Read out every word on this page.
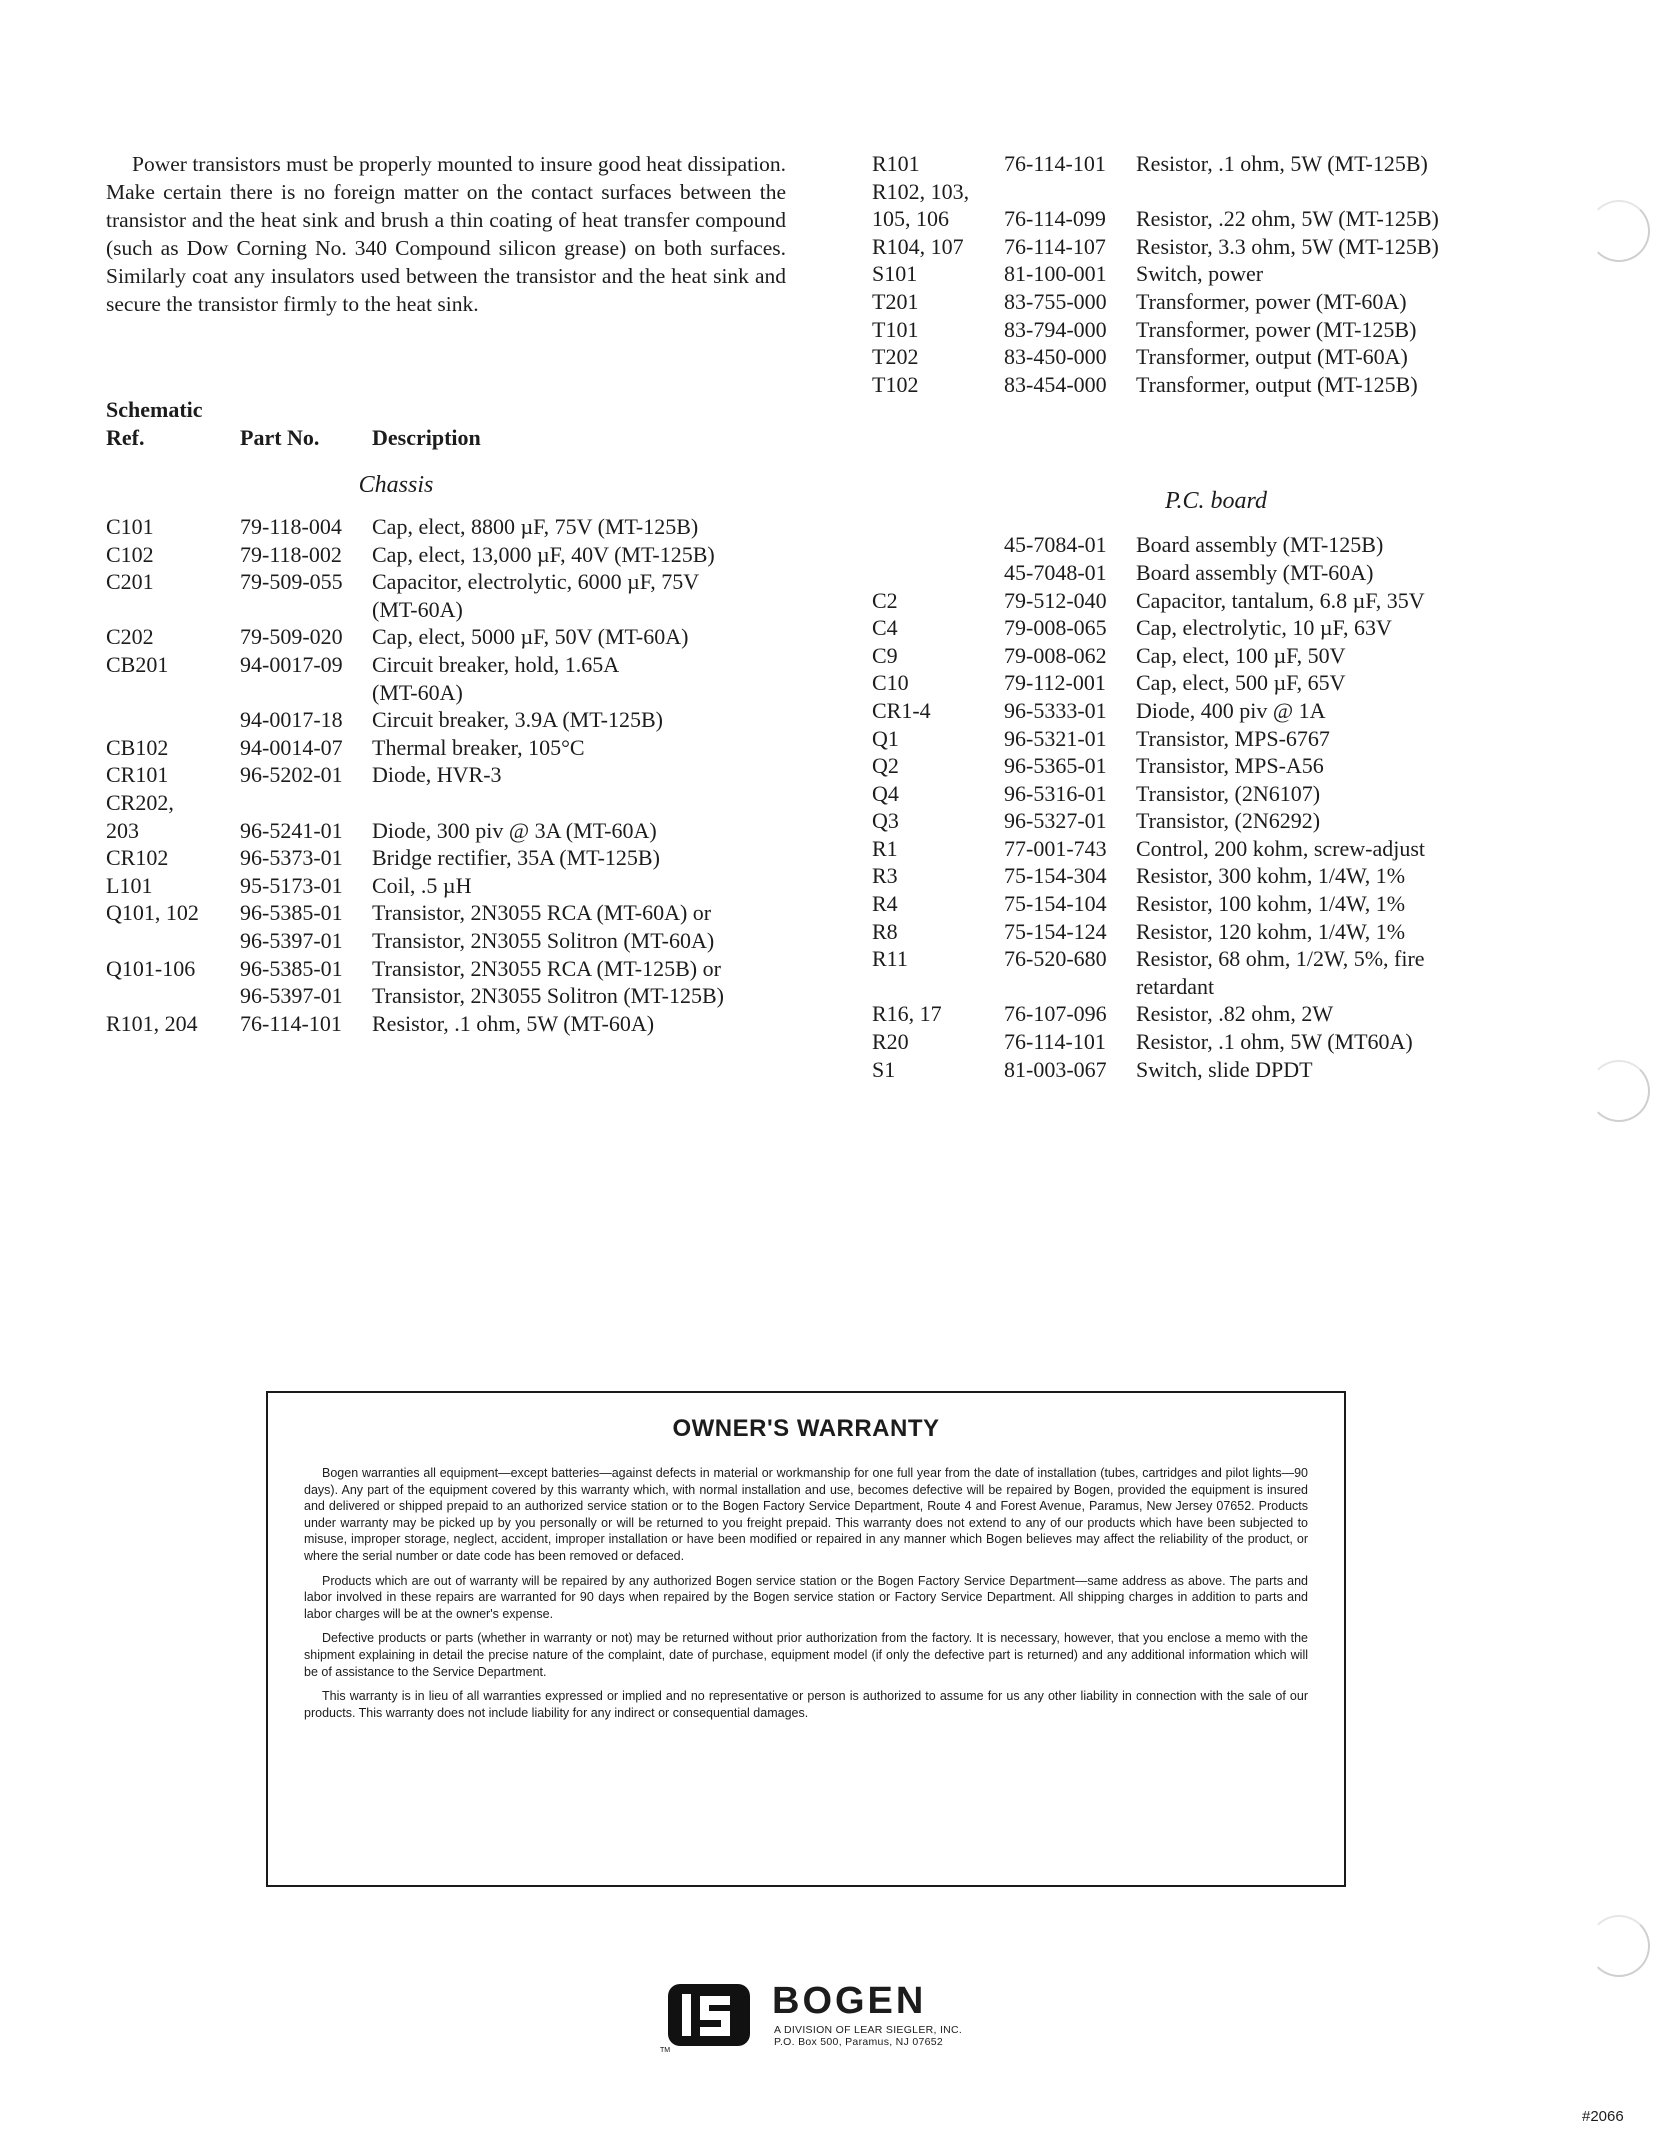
Power transistors must be properly mounted to insure good heat dissipation. Make certain there is no foreign matter on the contact surfaces between the transistor and the heat sink and brush a thin coating of heat transfer compound (such as Dow Corning No. 340 Compound silicon grease) on both surfaces. Similarly coat any insulators used between the transistor and the heat sink and secure the transistor firmly to the heat sink.

Schematic
Ref.	Part No. Description
Chassis
C101	79-118-004 Cap, elect, 8800 µF, 75V (MT-125B)
C102	79-118-002 Cap, elect, 13,000 µF, 40V (MT-125B)
C201	79-509-055 Capacitor, electrolytic, 6000 µF, 75V
(MT-60A)
C202	79-509-020 Cap, elect, 5000 µF, 50V (MT-60A)
CB201	94-0017-09 Circuit breaker, hold, 1.65A
(MT-60A)
94-0017-18 Circuit breaker, 3.9A (MT-125B)
CB102	94-0014-07 Thermal breaker, 105°C
CR101	96-5202-01 Diode, HVR-3
CR202,
203	96-5241-01 Diode, 300 piv @ 3A (MT-60A)
CR102	96-5373-01 Bridge rectifier, 35A (MT-125B)
L101	95-5173-01 Coil, .5 µH
Q101, 102 96-5385-01 Transistor, 2N3055 RCA (MT-60A) or
96-5397-01 Transistor, 2N3055 Solitron (MT-60A)
Q101-106 96-5385-01 Transistor, 2N3055 RCA (MT-125B) or
96-5397-01 Transistor, 2N3055 Solitron (MT-125B)
R101, 204 76-114-101 Resistor, .1 ohm, 5W (MT-60A)
R101	76-114-101 Resistor, .1 ohm, 5W (MT-125B)
R102, 103,
105, 106	76-114-099 Resistor, .22 ohm, 5W (MT-125B)
R104, 107 76-114-107 Resistor, 3.3 ohm, 5W (MT-125B)
S101	81-100-001 Switch, power
T201	83-755-000 Transformer, power (MT-60A)
T101	83-794-000 Transformer, power (MT-125B)
T202	83-450-000 Transformer, output (MT-60A)
T102	83-454-000 Transformer, output (MT-125B)
P.C. board
45-7084-01 Board assembly (MT-125B)
45-7048-01 Board assembly (MT-60A)
C2	79-512-040 Capacitor, tantalum, 6.8 µF, 35V
C4	79-008-065 Cap, electrolytic, 10 µF, 63V
C9	79-008-062 Cap, elect, 100 µF, 50V
C10	79-112-001 Cap, elect, 500 µF, 65V
CR1-4	96-5333-01 Diode, 400 piv @ 1A
Q1	96-5321-01 Transistor, MPS-6767
Q2	96-5365-01 Transistor, MPS-A56
Q4	96-5316-01 Transistor, (2N6107)
Q3	96-5327-01 Transistor, (2N6292)
R1	77-001-743 Control, 200 kohm, screw-adjust
R3	75-154-304 Resistor, 300 kohm, 1/4W, 1%
R4	75-154-104 Resistor, 100 kohm, 1/4W, 1%
R8	75-154-124 Resistor, 120 kohm, 1/4W, 1%
R11	76-520-680 Resistor, 68 ohm, 1/2W, 5%, fire
retardant
R16, 17	76-107-096 Resistor, .82 ohm, 2W
R20	76-114-101 Resistor, .1 ohm, 5W (MT60A)
S1	81-003-067 Switch, slide DPDT
OWNER'S WARRANTY

Bogen warranties all equipment—except batteries—against defects in material or workmanship for one full year from the date of installation (tubes, cartridges and pilot lights—90 days). Any part of the equipment covered by this warranty which, with normal installation and use, becomes defective will be repaired by Bogen, provided the equipment is insured and delivered or shipped prepaid to an authorized service station or to the Bogen Factory Service Department, Route 4 and Forest Avenue, Paramus, New Jersey 07652. Products under warranty may be picked up by you personally or will be returned to you freight prepaid. This warranty does not extend to any of our products which have been subjected to misuse, improper storage, neglect, accident, improper installation or have been modified or repaired in any manner which Bogen believes may affect the reliability of the product, or where the serial number or date code has been removed or defaced.

Products which are out of warranty will be repaired by any authorized Bogen service station or the Bogen Factory Service Department—same address as above. The parts and labor involved in these repairs are warranted for 90 days when repaired by the Bogen service station or Factory Service Department. All shipping charges in addition to parts and labor charges will be at the owner's expense.

Defective products or parts (whether in warranty or not) may be returned without prior authorization from the factory. It is necessary, however, that you enclose a memo with the shipment explaining in detail the precise nature of the complaint, date of purchase, equipment model (if only the defective part is returned) and any additional information which will be of assistance to the Service Department.

This warranty is in lieu of all warranties expressed or implied and no representative or person is authorized to assume for us any other liability in connection with the sale of our products. This warranty does not include liability for any indirect or consequential damages.

TM
BOGEN
A DIVISION OF LEAR SIEGLER, INC.
P.O. Box 500, Paramus, NJ 07652
#2066
